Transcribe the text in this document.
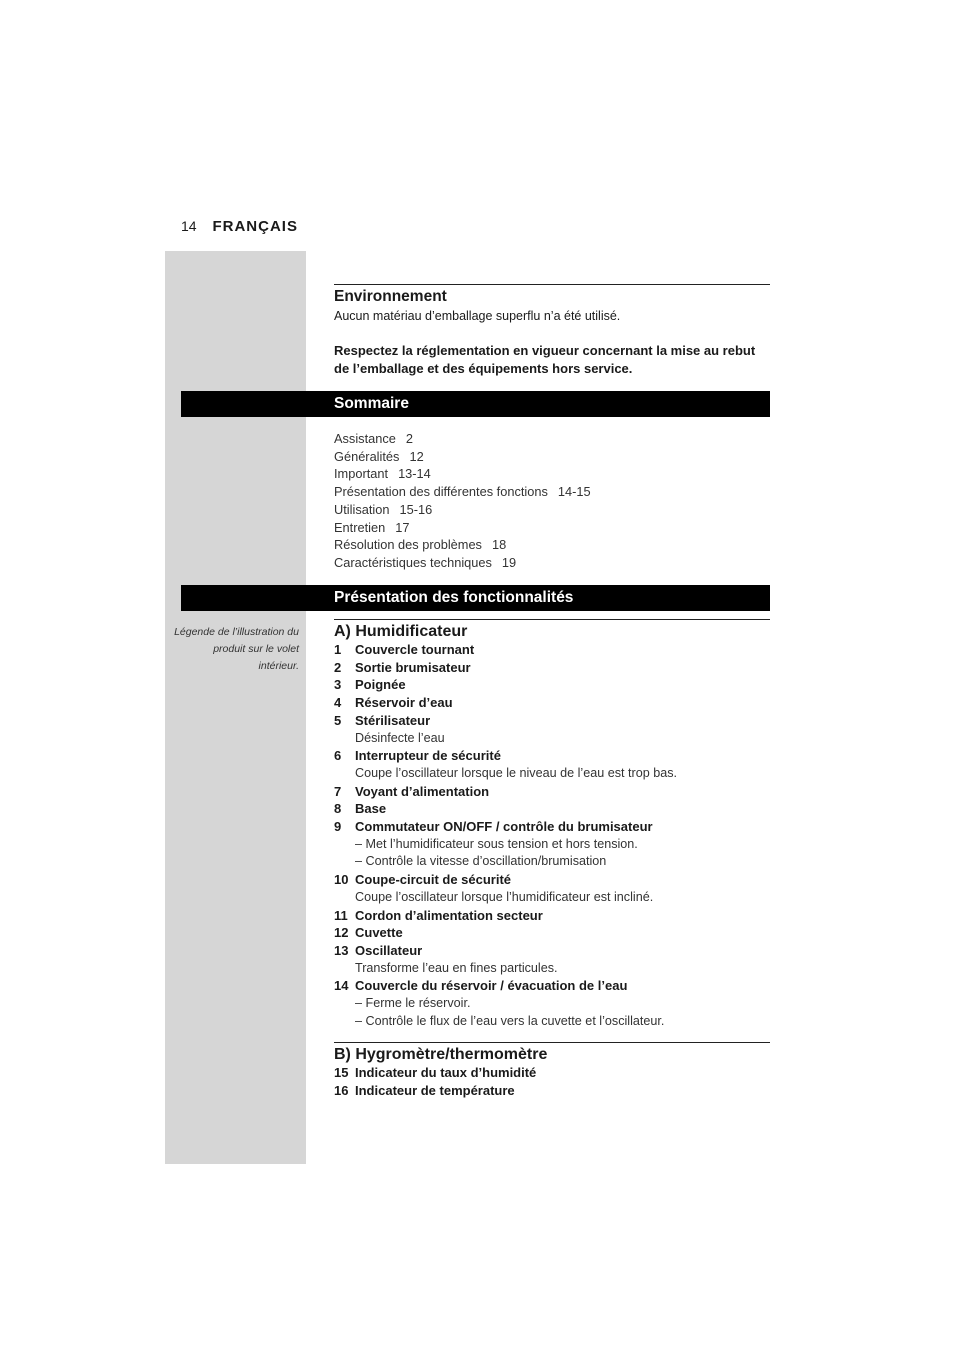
14 FRANÇAIS
Environnement
Aucun matériau d’emballage superflu n’a été utilisé.
Respectez la réglementation en vigueur concernant la mise au rebut de l’emballage et des équipements hors service.
Sommaire
Assistance 2
Généralités 12
Important 13-14
Présentation des différentes fonctions 14-15
Utilisation 15-16
Entretien 17
Résolution des problèmes 18
Caractéristiques techniques 19
Présentation des fonctionnalités
Légende de l’illustration du produit sur le volet intérieur.
A) Humidificateur
1 Couvercle tournant
2 Sortie brumisateur
3 Poignée
4 Réservoir d’eau
5 Stérilisateur
Désinfecte l’eau
6 Interrupteur de sécurité
Coupe l’oscillateur lorsque le niveau de l’eau est trop bas.
7 Voyant d’alimentation
8 Base
9 Commutateur ON/OFF / contrôle du brumisateur
– Met l’humidificateur sous tension et hors tension.
– Contrôle la vitesse d’oscillation/brumisation
10 Coupe-circuit de sécurité
Coupe l’oscillateur lorsque l’humidificateur est incliné.
11 Cordon d’alimentation secteur
12 Cuvette
13 Oscillateur
Transforme l’eau en fines particules.
14 Couvercle du réservoir / évacuation de l’eau
– Ferme le réservoir.
– Contrôle le flux de l’eau vers la cuvette et l’oscillateur.
B) Hygromètre/thermomètre
15 Indicateur du taux d’humidité
16 Indicateur de température
